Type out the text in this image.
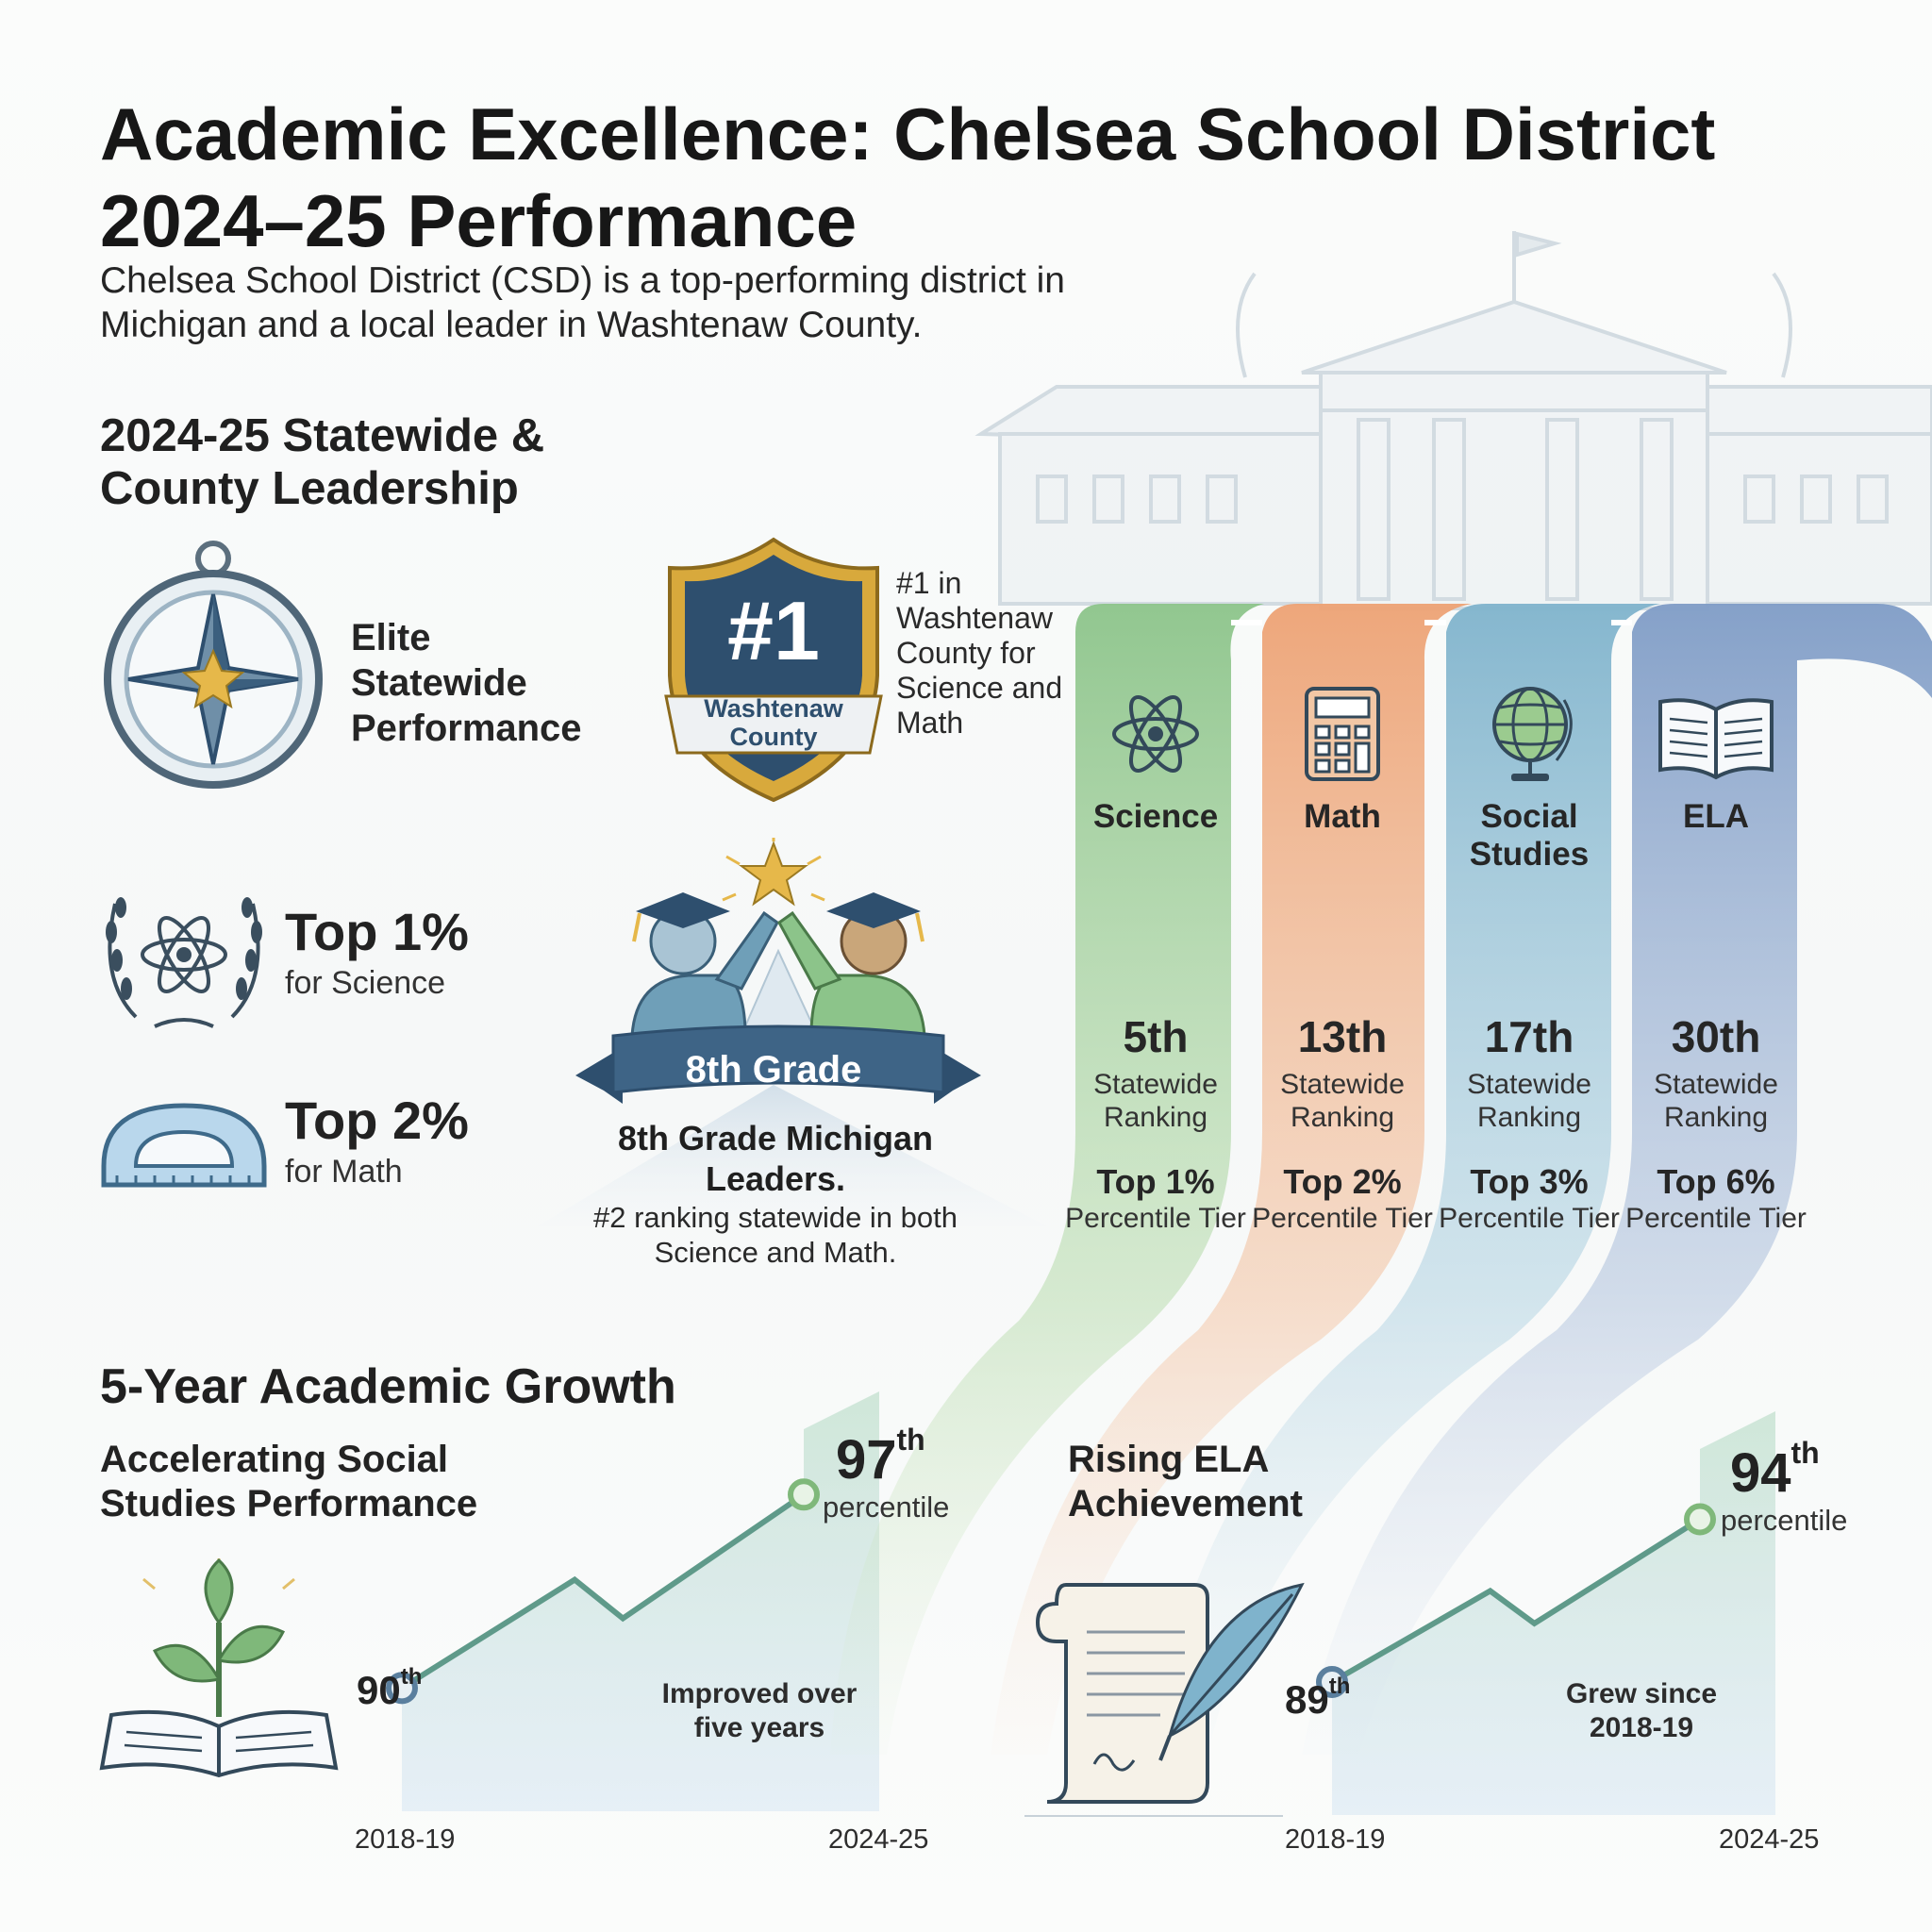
Academic Excellence: Chelsea School District 2024–25 Performance
Chelsea School District (CSD) is a top-performing district in Michigan and a local leader in Washtenaw County.
2024-25 Statewide & County Leadership
Elite Statewide Performance
#1
Washtenaw County
#1 in Washtenaw County for Science and Math
Top 1%
for Science
Top 2%
for Math
8th Grade
8th Grade Michigan Leaders.
#2 ranking statewide in both Science and Math.
Science
5th
Statewide Ranking
Top 1%
Percentile Tier
Math
13th
Statewide Ranking
Top 2%
Percentile Tier
Social Studies
17th
Statewide Ranking
Top 3%
Percentile Tier
ELA
30th
Statewide Ranking
Top 6%
Percentile Tier
5-Year Academic Growth
Accelerating Social Studies Performance
Rising ELA Achievement
90th
97th
percentile
Improved over five years
2018-19	2024-25
89th
94th
percentile
Grew since 2018-19
2018-19	2024-25
